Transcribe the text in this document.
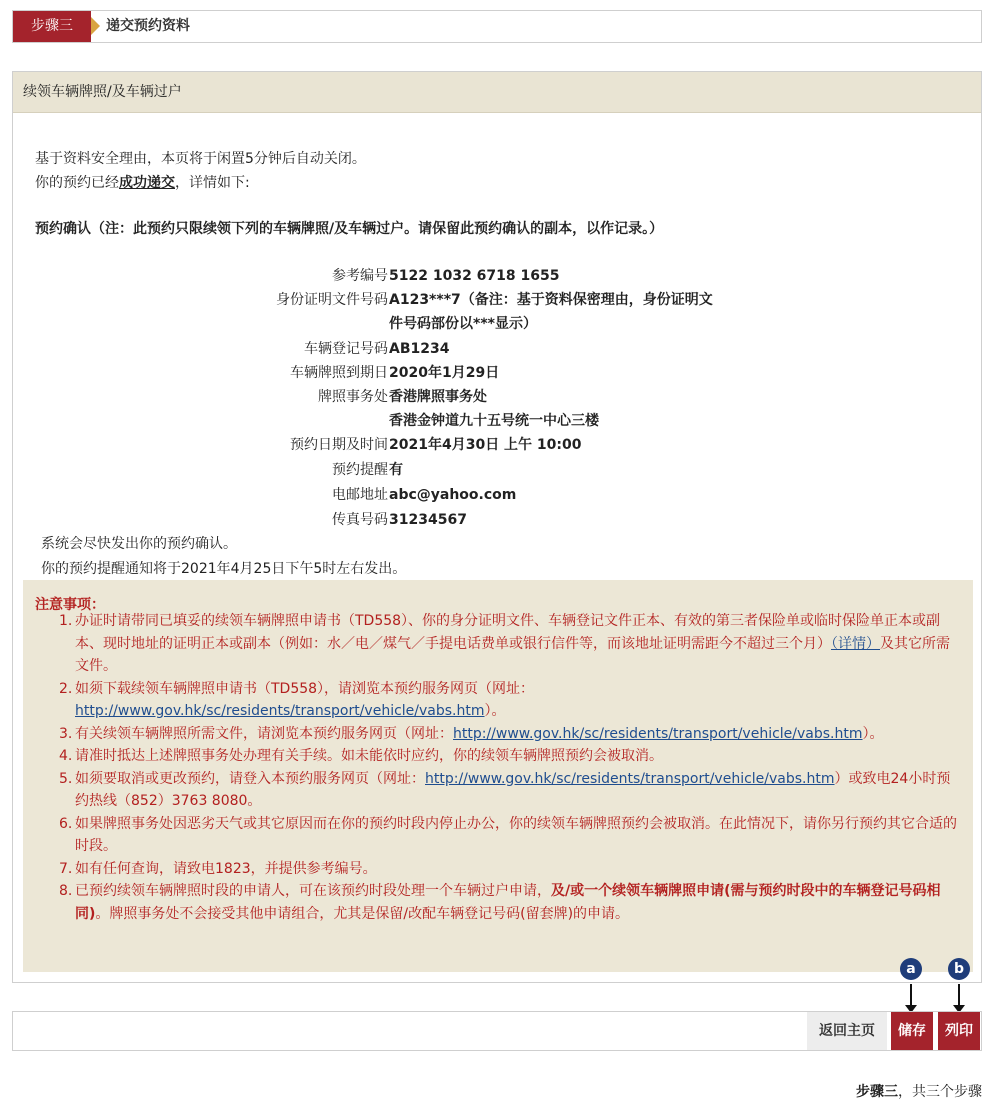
步骤三	递交预约资料
续领车辆牌照/及车辆过户
基于资料安全理由，本页将于闲置5分钟后自动关闭。
你的预约已经成功递交，详情如下:
预约确认（注：此预约只限续领下列的车辆牌照/及车辆过户。请保留此预约确认的副本，以作记录。）
参考编号 5122 1032 6718 1655
身份证明文件号码 A123***7（备注：基于资料保密理由，身份证明文件号码部份以***显示）
车辆登记号码 AB1234
车辆牌照到期日 2020年1月29日
牌照事务处 香港牌照事务处
香港金钟道九十五号统一中心三楼
预约日期及时间 2021年4月30日 上午 10:00
预约提醒 有
电邮地址 abc@yahoo.com
传真号码 31234567
系统会尽快发出你的预约确认。
你的预约提醒通知将于2021年4月25日下午5时左右发出。
注意事项：
1. 办证时请带同已填妥的续领车辆牌照申请书（TD558）、你的身分证明文件、车辆登记文件正本、有效的第三者保险单或临时保险单正本或副本、现时地址的证明正本或副本（例如：水／电／煤气／手提电话费单或银行信件等，而该地址证明需距今不超过三个月）（详情）及其它所需文件。
2. 如须下载续领车辆牌照申请书（TD558），请浏览本预约服务网页（网址：http://www.gov.hk/sc/residents/transport/vehicle/vabs.htm）。
3. 有关续领车辆牌照所需文件，请浏览本预约服务网页（网址：http://www.gov.hk/sc/residents/transport/vehicle/vabs.htm）。
4. 请准时抵达上述牌照事务处办理有关手续。如未能依时应约，你的续领车辆牌照预约会被取消。
5. 如须要取消或更改预约，请登入本预约服务网页（网址：http://www.gov.hk/sc/residents/transport/vehicle/vabs.htm）或致电24小时预约热线（852）3763 8080。
6. 如果牌照事务处因恶劣天气或其它原因而在你的预约时段内停止办公，你的续领车辆牌照预约会被取消。在此情况下，请你另行预约其它合适的时段。
7. 如有任何查询，请致电1823，并提供参考编号。
8. 已预约续领车辆牌照时段的申请人，可在该预约时段处理一个车辆过户申请，及/或一个续领车辆牌照申请(需与预约时段中的车辆登记号码相同)。牌照事务处不会接受其他申请组合，尤其是保留/改配车辆登记号码(留套牌)的申请。
a	b
返回主页	储存	列印
步骤三，共三个步骤
